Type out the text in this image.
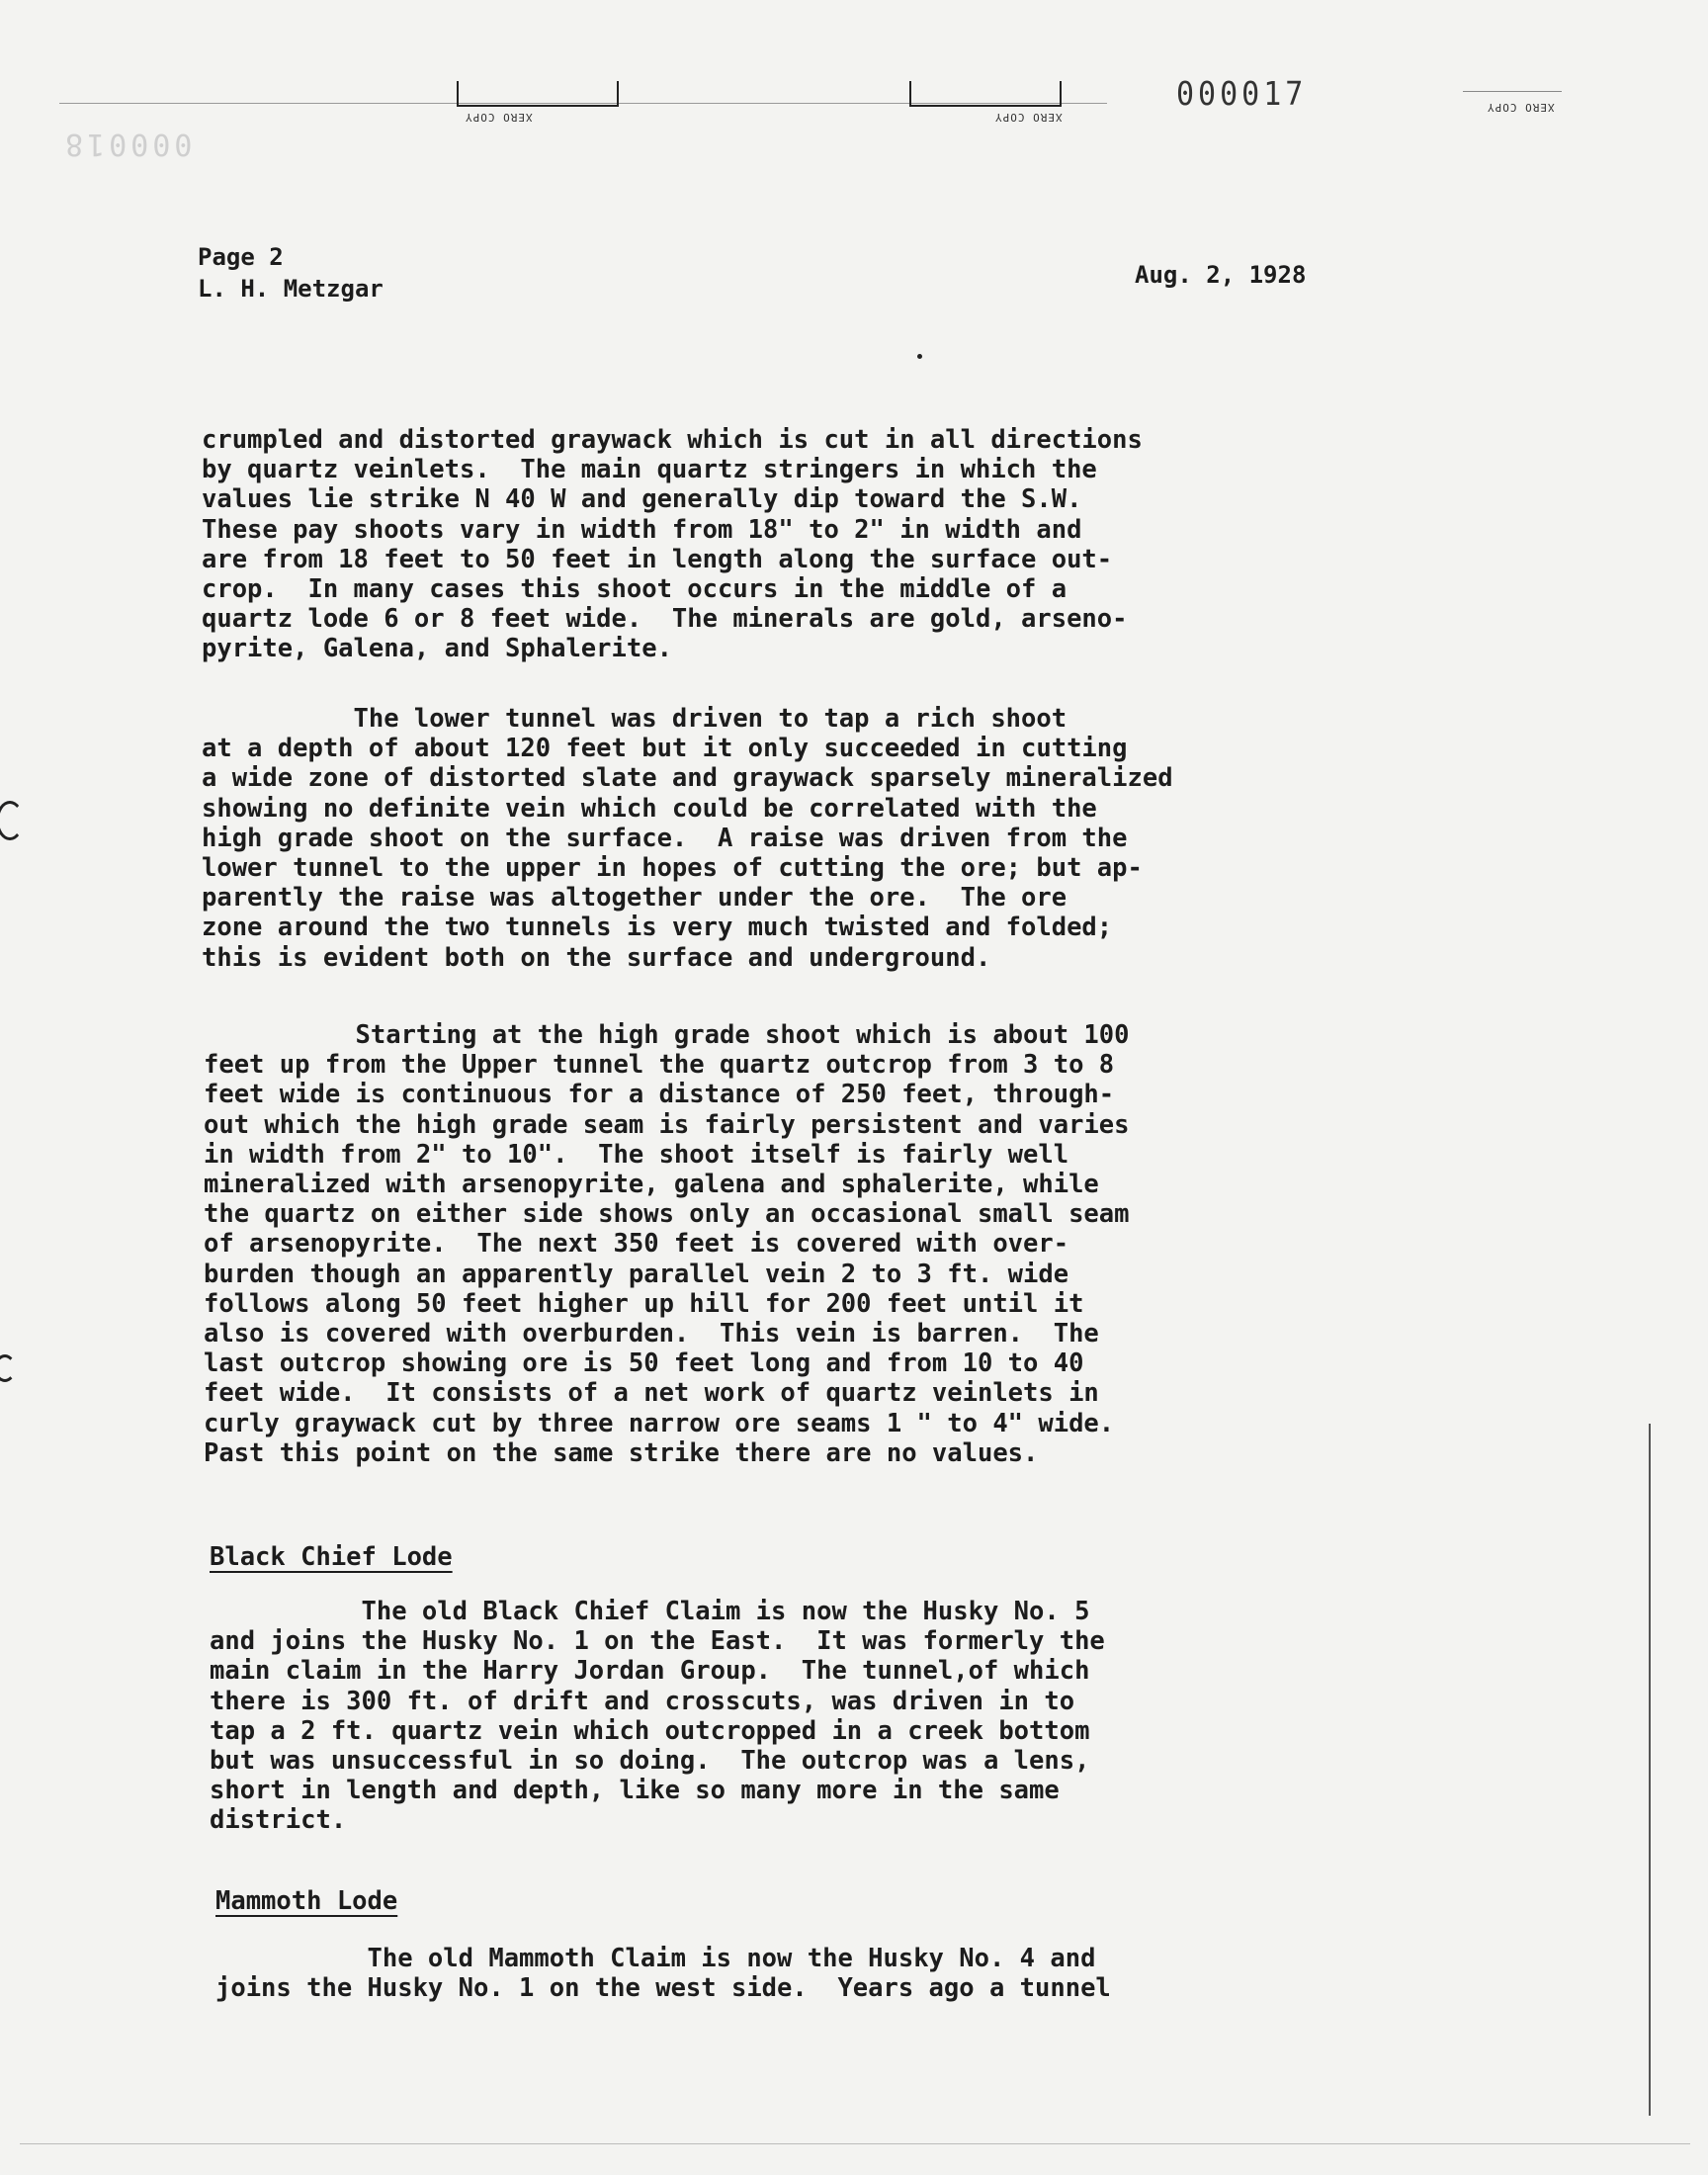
XERO COPY	XERO COPY
XERO COPY
000017
000018
Page 2
L. H. Metzgar	Aug. 2, 1928
crumpled and distorted graywack which is cut in all directions
by quartz veinlets.  The main quartz stringers in which the
values lie strike N 40 W and generally dip toward the S.W.
These pay shoots vary in width from 18" to 2" in width and
are from 18 feet to 50 feet in length along the surface out-
crop.  In many cases this shoot occurs in the middle of a
quartz lode 6 or 8 feet wide.  The minerals are gold, arseno-
pyrite, Galena, and Sphalerite.
The lower tunnel was driven to tap a rich shoot
at a depth of about 120 feet but it only succeeded in cutting
a wide zone of distorted slate and graywack sparsely mineralized
showing no definite vein which could be correlated with the
high grade shoot on the surface.  A raise was driven from the
lower tunnel to the upper in hopes of cutting the ore; but ap-
parently the raise was altogether under the ore.  The ore
zone around the two tunnels is very much twisted and folded;
this is evident both on the surface and underground.
Starting at the high grade shoot which is about 100
feet up from the Upper tunnel the quartz outcrop from 3 to 8
feet wide is continuous for a distance of 250 feet, through-
out which the high grade seam is fairly persistent and varies
in width from 2" to 10".  The shoot itself is fairly well
mineralized with arsenopyrite, galena and sphalerite, while
the quartz on either side shows only an occasional small seam
of arsenopyrite.  The next 350 feet is covered with over-
burden though an apparently parallel vein 2 to 3 ft. wide
follows along 50 feet higher up hill for 200 feet until it
also is covered with overburden.  This vein is barren.  The
last outcrop showing ore is 50 feet long and from 10 to 40
feet wide.  It consists of a net work of quartz veinlets in
curly graywack cut by three narrow ore seams 1 " to 4" wide.
Past this point on the same strike there are no values.
Black Chief Lode
The old Black Chief Claim is now the Husky No. 5
and joins the Husky No. 1 on the East.  It was formerly the
main claim in the Harry Jordan Group.  The tunnel,of which
there is 300 ft. of drift and crosscuts, was driven in to
tap a 2 ft. quartz vein which outcropped in a creek bottom
but was unsuccessful in so doing.  The outcrop was a lens,
short in length and depth, like so many more in the same
district.
Mammoth Lode
The old Mammoth Claim is now the Husky No. 4 and
joins the Husky No. 1 on the west side.  Years ago a tunnel
